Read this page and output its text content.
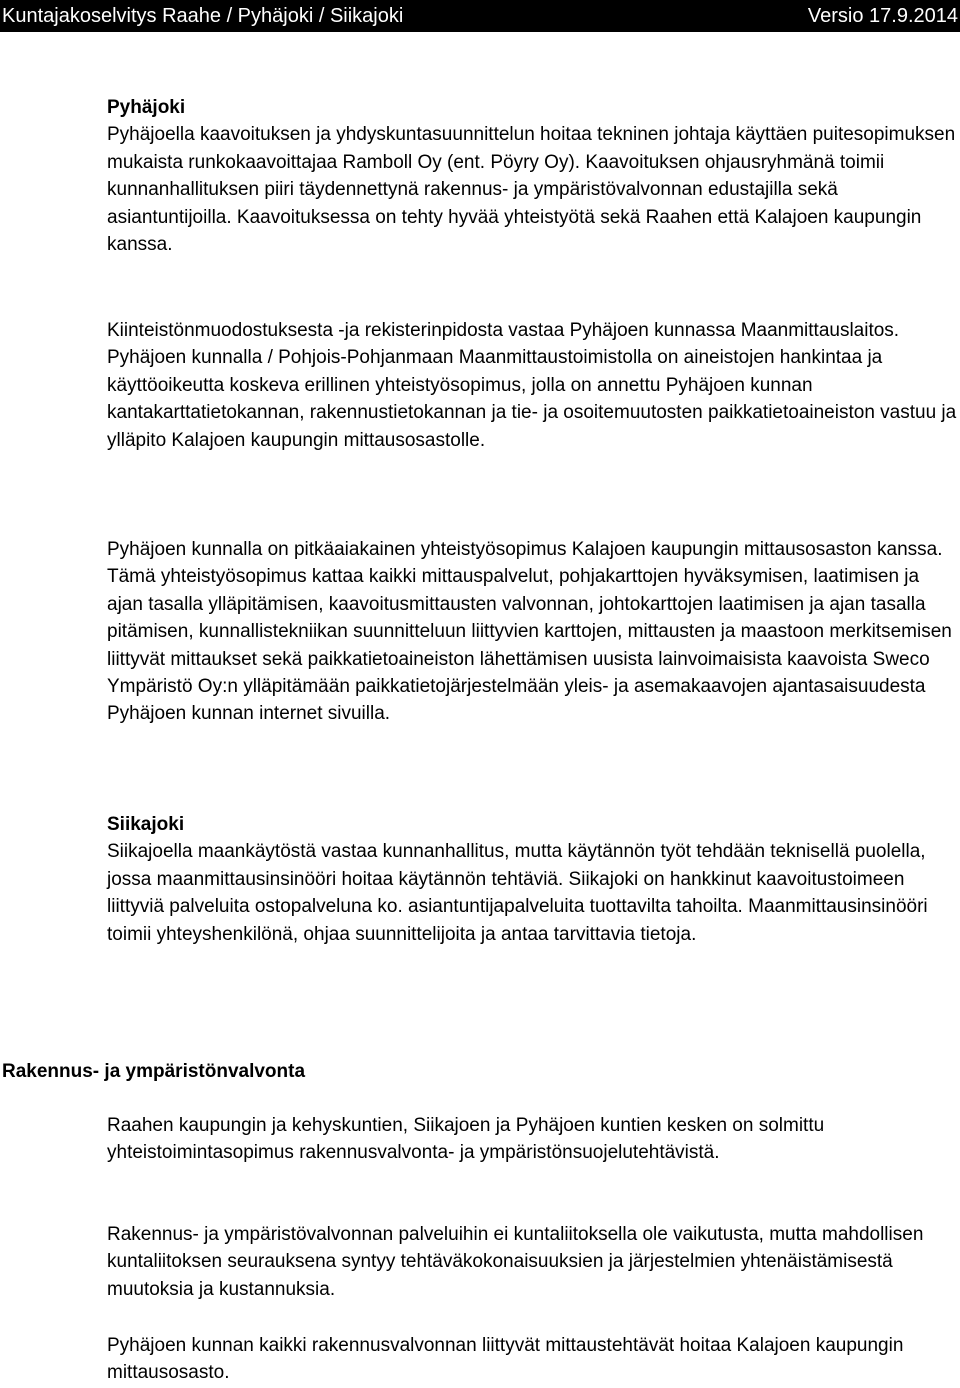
Kuntajakoselvitys Raahe / Pyhäjoki / Siikajoki	Versio 17.9.2014

Pyhäjoki

Pyhäjoella kaavoituksen ja yhdyskuntasuunnittelun hoitaa tekninen johtaja käyttäen puitesopimuksen mukaista runkokaavoittajaa Ramboll Oy (ent. Pöyry Oy). Kaavoituksen ohjausryhmänä toimii kunnanhallituksen piiri täydennettynä rakennus- ja ympäristövalvonnan edustajilla sekä asiantuntijoilla. Kaavoituksessa on tehty hyvää yhteistyötä sekä Raahen että Kalajoen kaupungin kanssa.

Kiinteistönmuodostuksesta -ja rekisterinpidosta vastaa Pyhäjoen kunnassa Maanmittauslaitos.

Pyhäjoen kunnalla / Pohjois-Pohjanmaan Maanmittaustoimistolla on aineistojen hankintaa ja käyttöoikeutta koskeva erillinen yhteistyösopimus, jolla on annettu Pyhäjoen kunnan kantakarttatietokannan, rakennustietokannan ja tie- ja osoitemuutosten paikkatietoaineiston vastuu ja ylläpito Kalajoen kaupungin mittausosastolle.

Pyhäjoen kunnalla on pitkäaiakainen yhteistyösopimus Kalajoen kaupungin mittausosaston kanssa. Tämä yhteistyösopimus kattaa kaikki mittauspalvelut, pohjakarttojen hyväksymisen, laatimisen ja ajan tasalla ylläpitämisen, kaavoitusmittausten valvonnan, johtokarttojen laatimisen ja ajan tasalla pitämisen, kunnallistekniikan suunnitteluun liittyvien karttojen, mittausten ja maastoon merkitsemisen liittyvät mittaukset sekä paikkatietoaineiston lähettämisen uusista lainvoimaisista kaavoista Sweco Ympäristö Oy:n ylläpitämään paikkatietojärjestelmään yleis- ja asemakaavojen ajantasaisuudesta Pyhäjoen kunnan internet sivuilla.

Siikajoki

Siikajoella maankäytöstä vastaa kunnanhallitus, mutta käytännön työt tehdään teknisellä puolella, jossa maanmittausinsinööri hoitaa käytännön tehtäviä. Siikajoki on hankkinut kaavoitustoimeen liittyviä palveluita ostopalveluna ko. asiantuntijapalveluita tuottavilta tahoilta. Maanmittausinsinööri toimii yhteyshenkilönä, ohjaa suunnittelijoita ja antaa tarvittavia tietoja.

Rakennus- ja ympäristönvalvonta

Raahen kaupungin ja kehyskuntien, Siikajoen ja Pyhäjoen kuntien kesken on solmittu yhteistoimintasopimus rakennusvalvonta- ja ympäristönsuojelutehtävistä.

Rakennus- ja ympäristövalvonnan palveluihin ei kuntaliitoksella ole vaikutusta, mutta mahdollisen kuntaliitoksen seurauksena syntyy tehtäväkokonaisuuksien ja järjestelmien yhtenäistämisestä muutoksia ja kustannuksia.

Pyhäjoen kunnan kaikki rakennusvalvonnan liittyvät mittaustehtävät hoitaa Kalajoen kaupungin mittausosasto.
